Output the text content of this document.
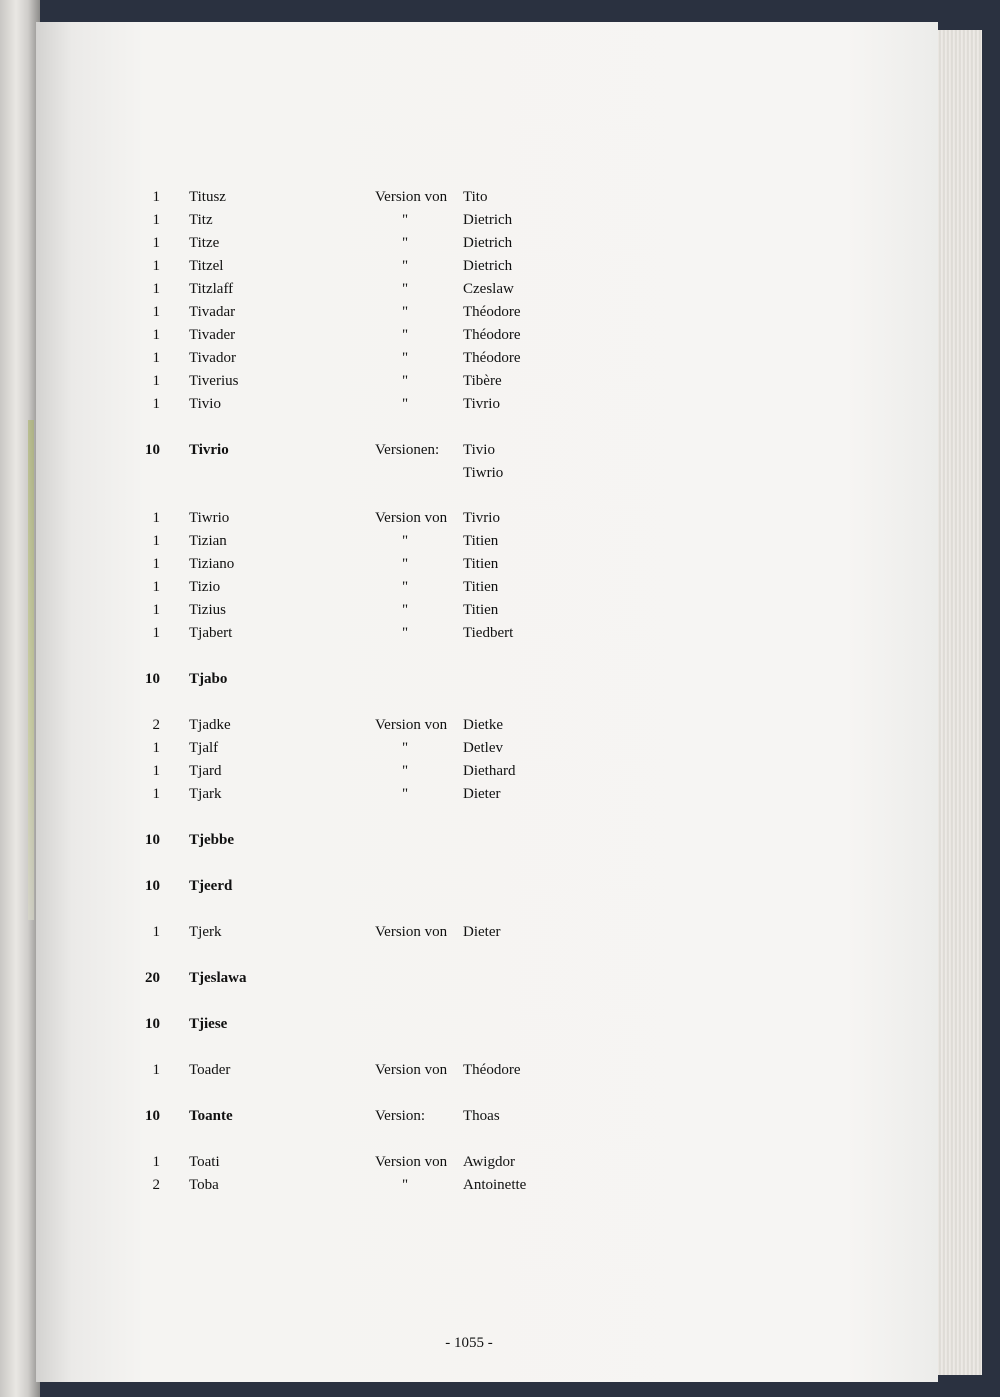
1 Titusz	Version von Tito
1 Titz	"	Dietrich
1 Titze	"	Dietrich
1 Titzel	"	Dietrich
1 Titzlaff	"	Czeslaw
1 Tivadar	"	Théodore
1 Tivader	"	Théodore
1 Tivador	"	Théodore
1 Tiverius	"	Tibère
1 Tivio	"	Tivrio
10 Tivrio	Versionen: Tivio
Tiwrio
1 Tiwrio	Version von Tivrio
1 Tizian	"	Titien
1 Tiziano	"	Titien
1 Tizio	"	Titien
1 Tizius	"	Titien
1 Tjabert	"	Tiedbert
10 Tjabo
2 Tjadke	Version von Dietke
1 Tjalf	"	Detlev
1 Tjard	"	Diethard
1 Tjark	"	Dieter
10 Tjebbe
10 Tjeerd
1 Tjerk	Version von Dieter
20 Tjeslawa
10 Tjiese
1 Toader	Version von Théodore
10 Toante	Version:	Thoas
1 Toati	Version von Awigdor
2 Toba	"	Antoinette
- 1055 -
